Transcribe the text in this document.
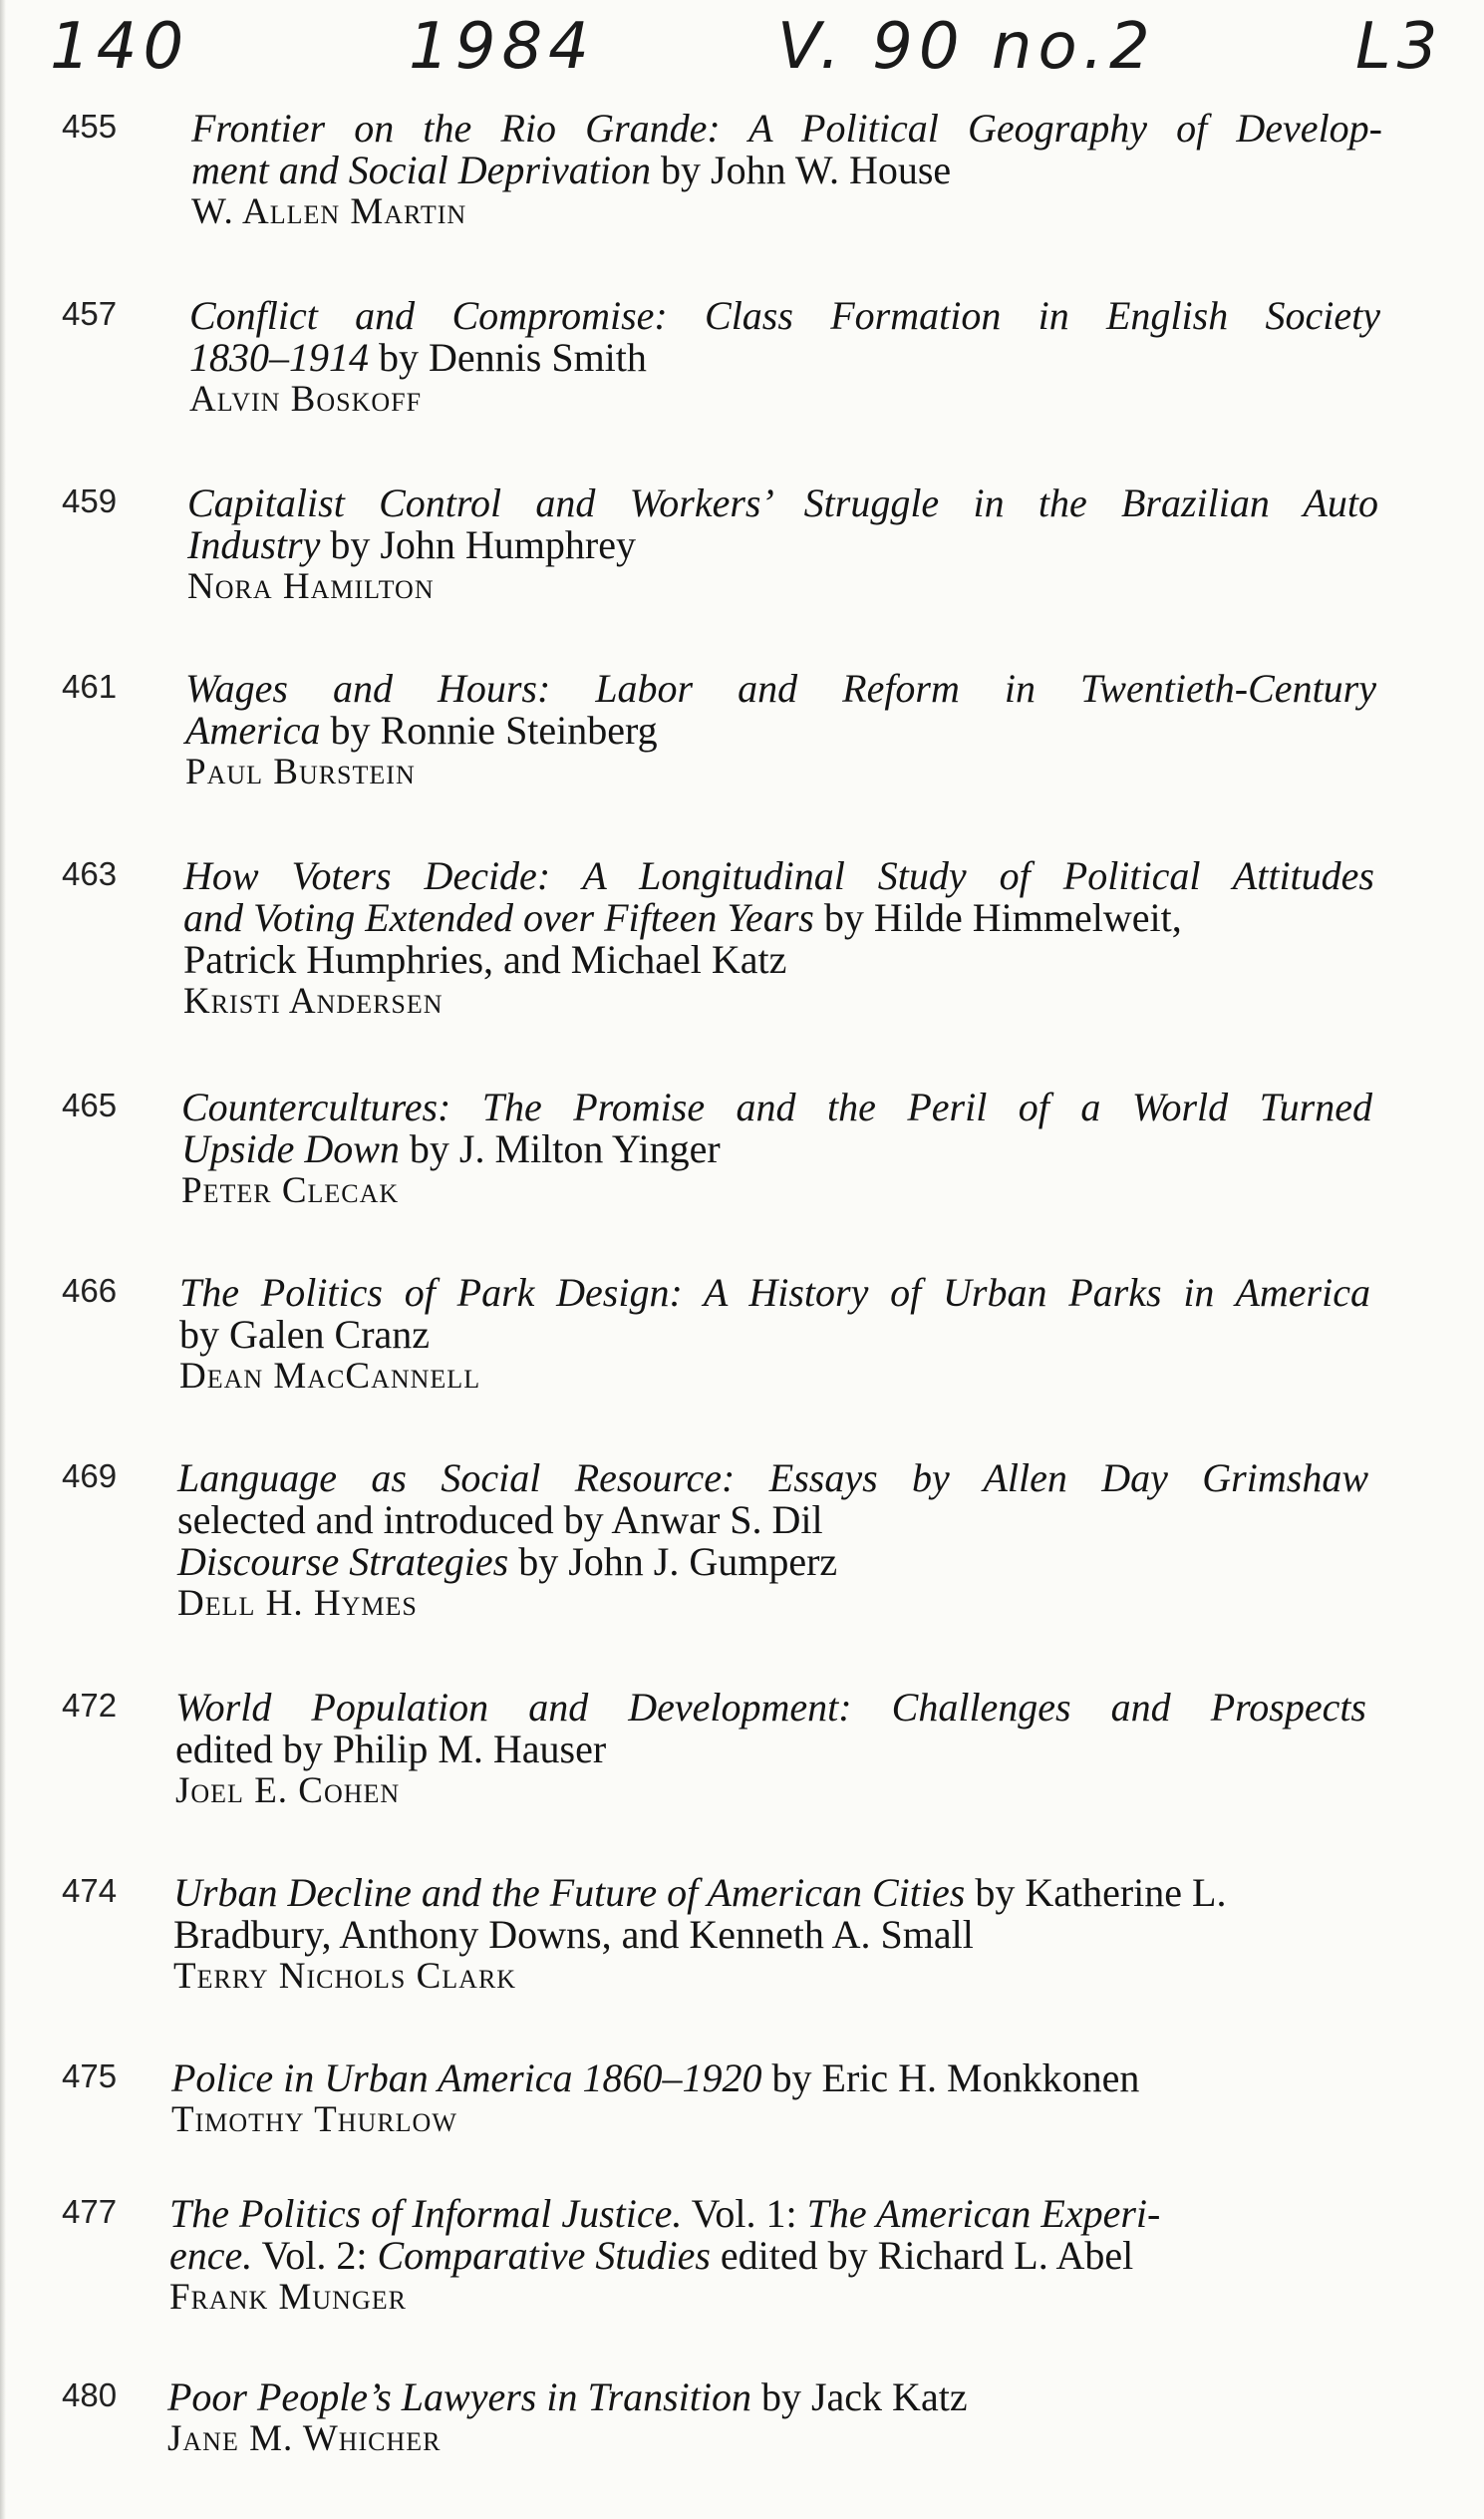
140	1984	V. 90 no.2	L3
455 Frontier on the Rio Grande: A Political Geography of Develop-
ment and Social Deprivation by John W. House
W. Allen Martin
457 Conflict and Compromise: Class Formation in English Society
1830–1914 by Dennis Smith
Alvin Boskoff
459 Capitalist Control and Workers’ Struggle in the Brazilian Auto
Industry by John Humphrey
Nora Hamilton
461 Wages and Hours: Labor and Reform in Twentieth-Century
America by Ronnie Steinberg
Paul Burstein
463 How Voters Decide: A Longitudinal Study of Political Attitudes
and Voting Extended over Fifteen Years by Hilde Himmelweit,
Patrick Humphries, and Michael Katz
Kristi Andersen
465 Countercultures: The Promise and the Peril of a World Turned
Upside Down by J. Milton Yinger
Peter Clecak
466 The Politics of Park Design: A History of Urban Parks in America
by Galen Cranz
Dean MacCannell
469 Language as Social Resource: Essays by Allen Day Grimshaw
selected and introduced by Anwar S. Dil
Discourse Strategies by John J. Gumperz
Dell H. Hymes
472 World Population and Development: Challenges and Prospects
edited by Philip M. Hauser
Joel E. Cohen
474 Urban Decline and the Future of American Cities by Katherine L.
Bradbury, Anthony Downs, and Kenneth A. Small
Terry Nichols Clark
475 Police in Urban America 1860–1920 by Eric H. Monkkonen
Timothy Thurlow
477 The Politics of Informal Justice. Vol. 1: The American Experi-
ence. Vol. 2: Comparative Studies edited by Richard L. Abel
Frank Munger
480 Poor People’s Lawyers in Transition by Jack Katz
Jane M. Whicher
